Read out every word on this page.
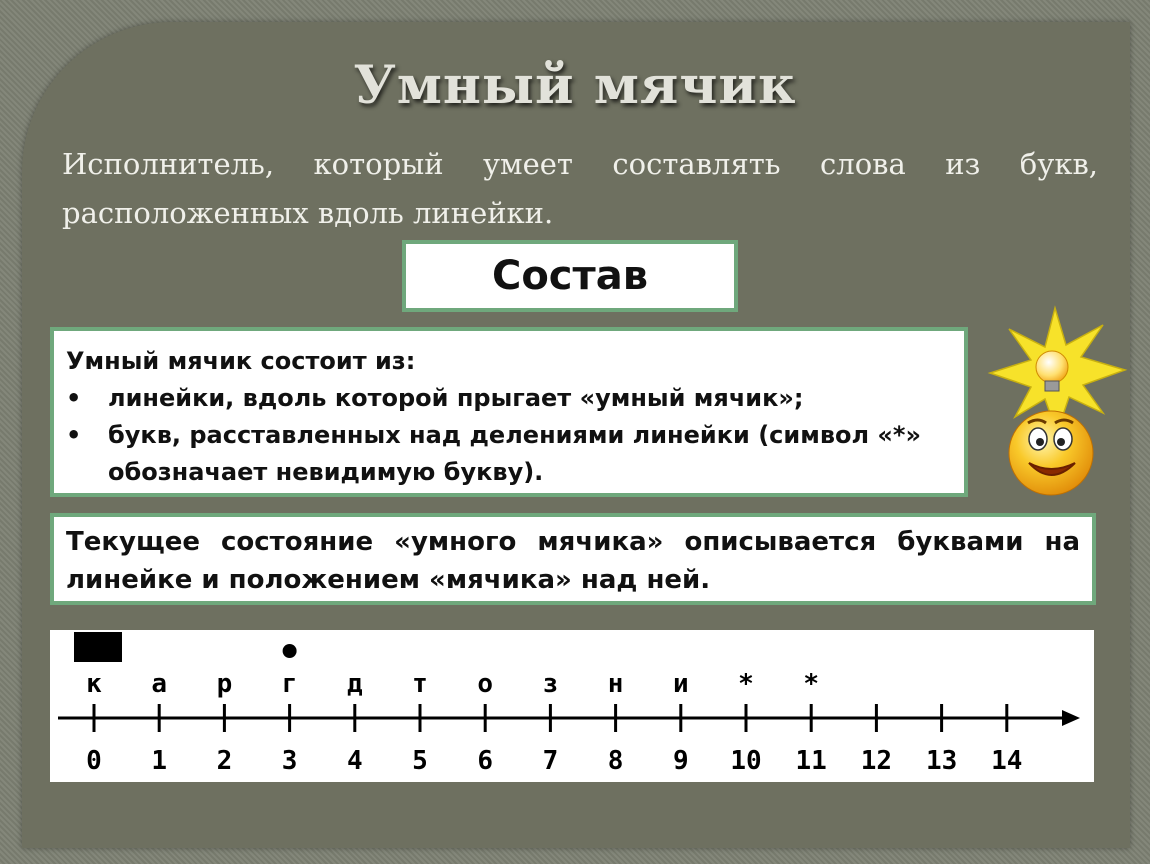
Умный мячик
Исполнитель, который умеет составлять слова из букв, расположенных вдоль линейки.
Состав
Умный мячик состоит из:
• линейки, вдоль которой прыгает «умный мячик»;
• букв, расставленных над делениями линейки (символ «*» обозначает невидимую букву).
Текущее состояние «умного мячика» описывается буквами на линейке и положением «мячика» над ней.
0 1 2 3 4 5 6 7 8 9 10 11 12 13 14
к а р г д т о з н и * *
